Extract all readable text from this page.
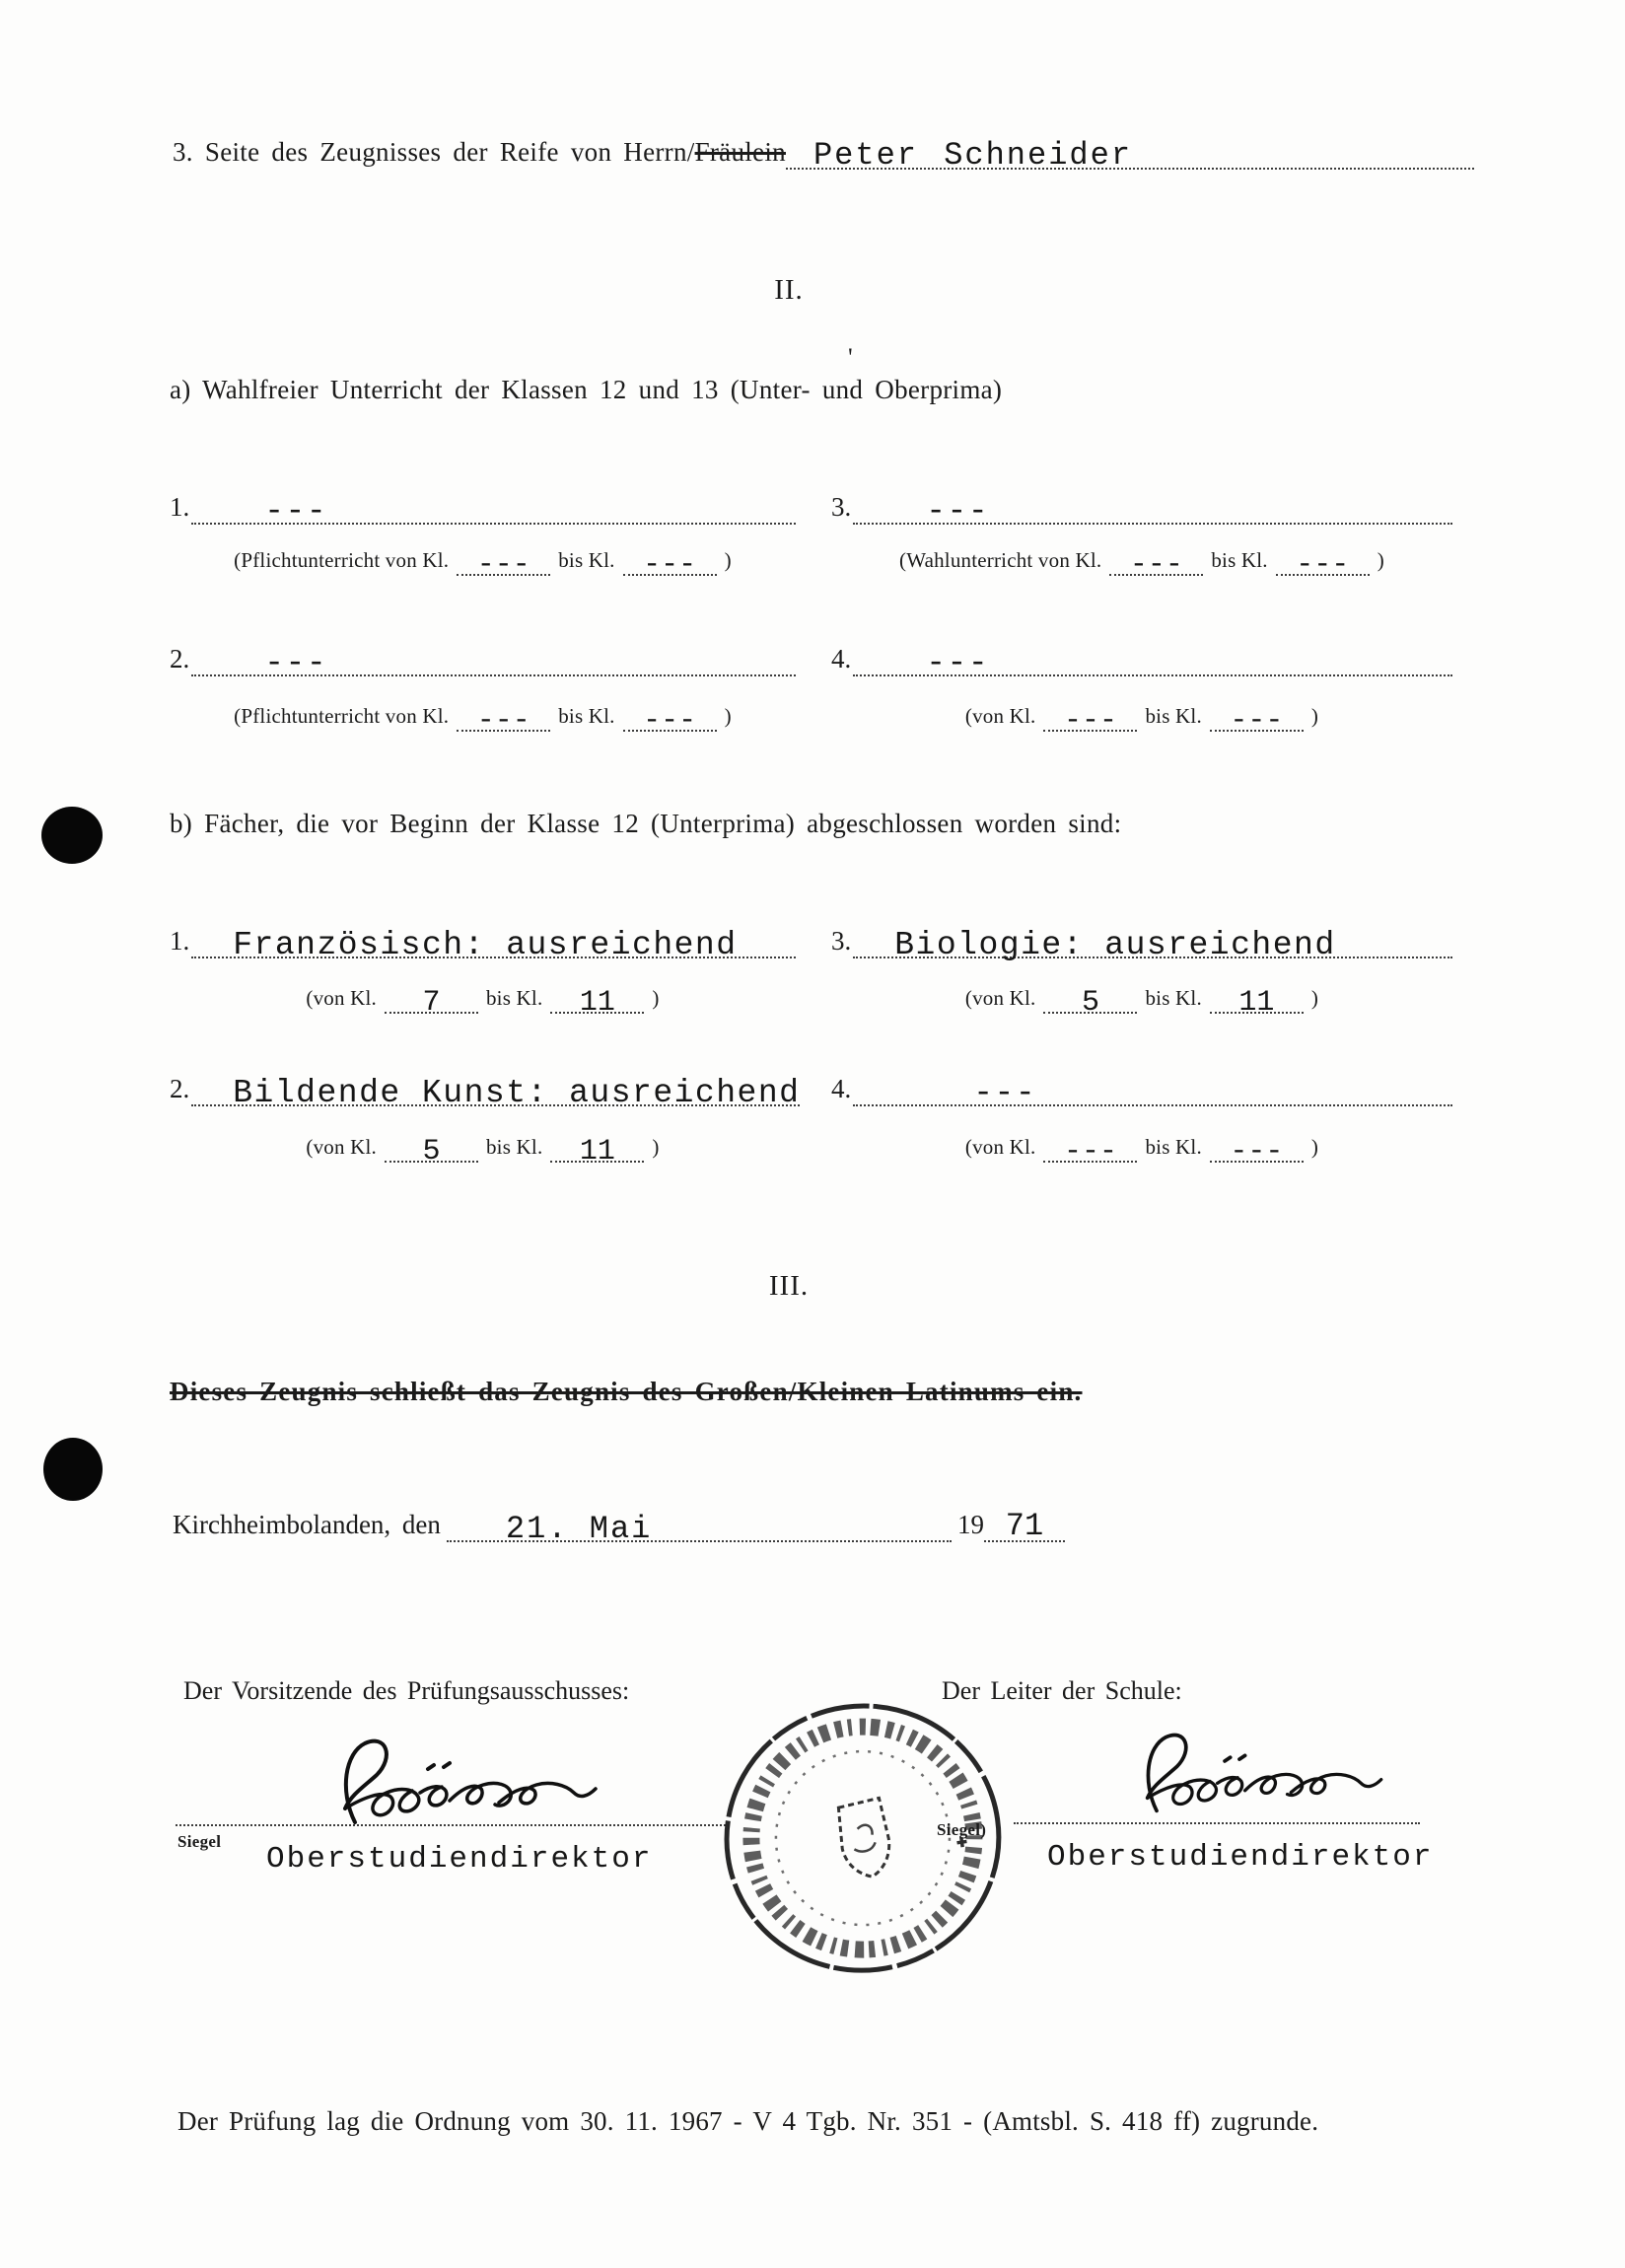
3. Seite des Zeugnisses der Reife von Herrn/ Fräulein Peter Schneider
II.
'
a) Wahlfreier Unterricht der Klassen 12 und 13 (Unter- und Oberprima)
1.	---
(Pflichtunterricht von Kl. ---	bis Kl. ---	)
3.	---
(Wahlunterricht von Kl. ---	bis Kl. ---	)
2.	---
(Pflichtunterricht von Kl. ---	bis Kl. ---	)
4.	---
(von Kl. ---	bis Kl. ---	)
b) Fächer, die vor Beginn der Klasse 12 (Unterprima) abgeschlossen worden sind:
1.	Französisch: ausreichend
(von Kl.	7	bis Kl.	11	)
3.	Biologie: ausreichend
(von Kl.	5	bis Kl.	11	)
2.	Bildende Kunst: ausreichend
(von Kl.	5	bis Kl.	11	)
4.	---
(von Kl. ---	bis Kl. ---	)
III.
Dieses Zeugnis schließt das Zeugnis des Großen/Kleinen Latinums ein.
Kirchheimbolanden, den	21. Mai	19 71
Der Vorsitzende des Prüfungsausschusses:	Der Leiter der Schule:
Siegel
Siegel)
Oberstudiendirektor	Oberstudiendirektor
Der Prüfung lag die Ordnung vom 30. 11. 1967 - V 4 Tgb. Nr. 351 - (Amtsbl. S. 418 ff) zugrunde.
